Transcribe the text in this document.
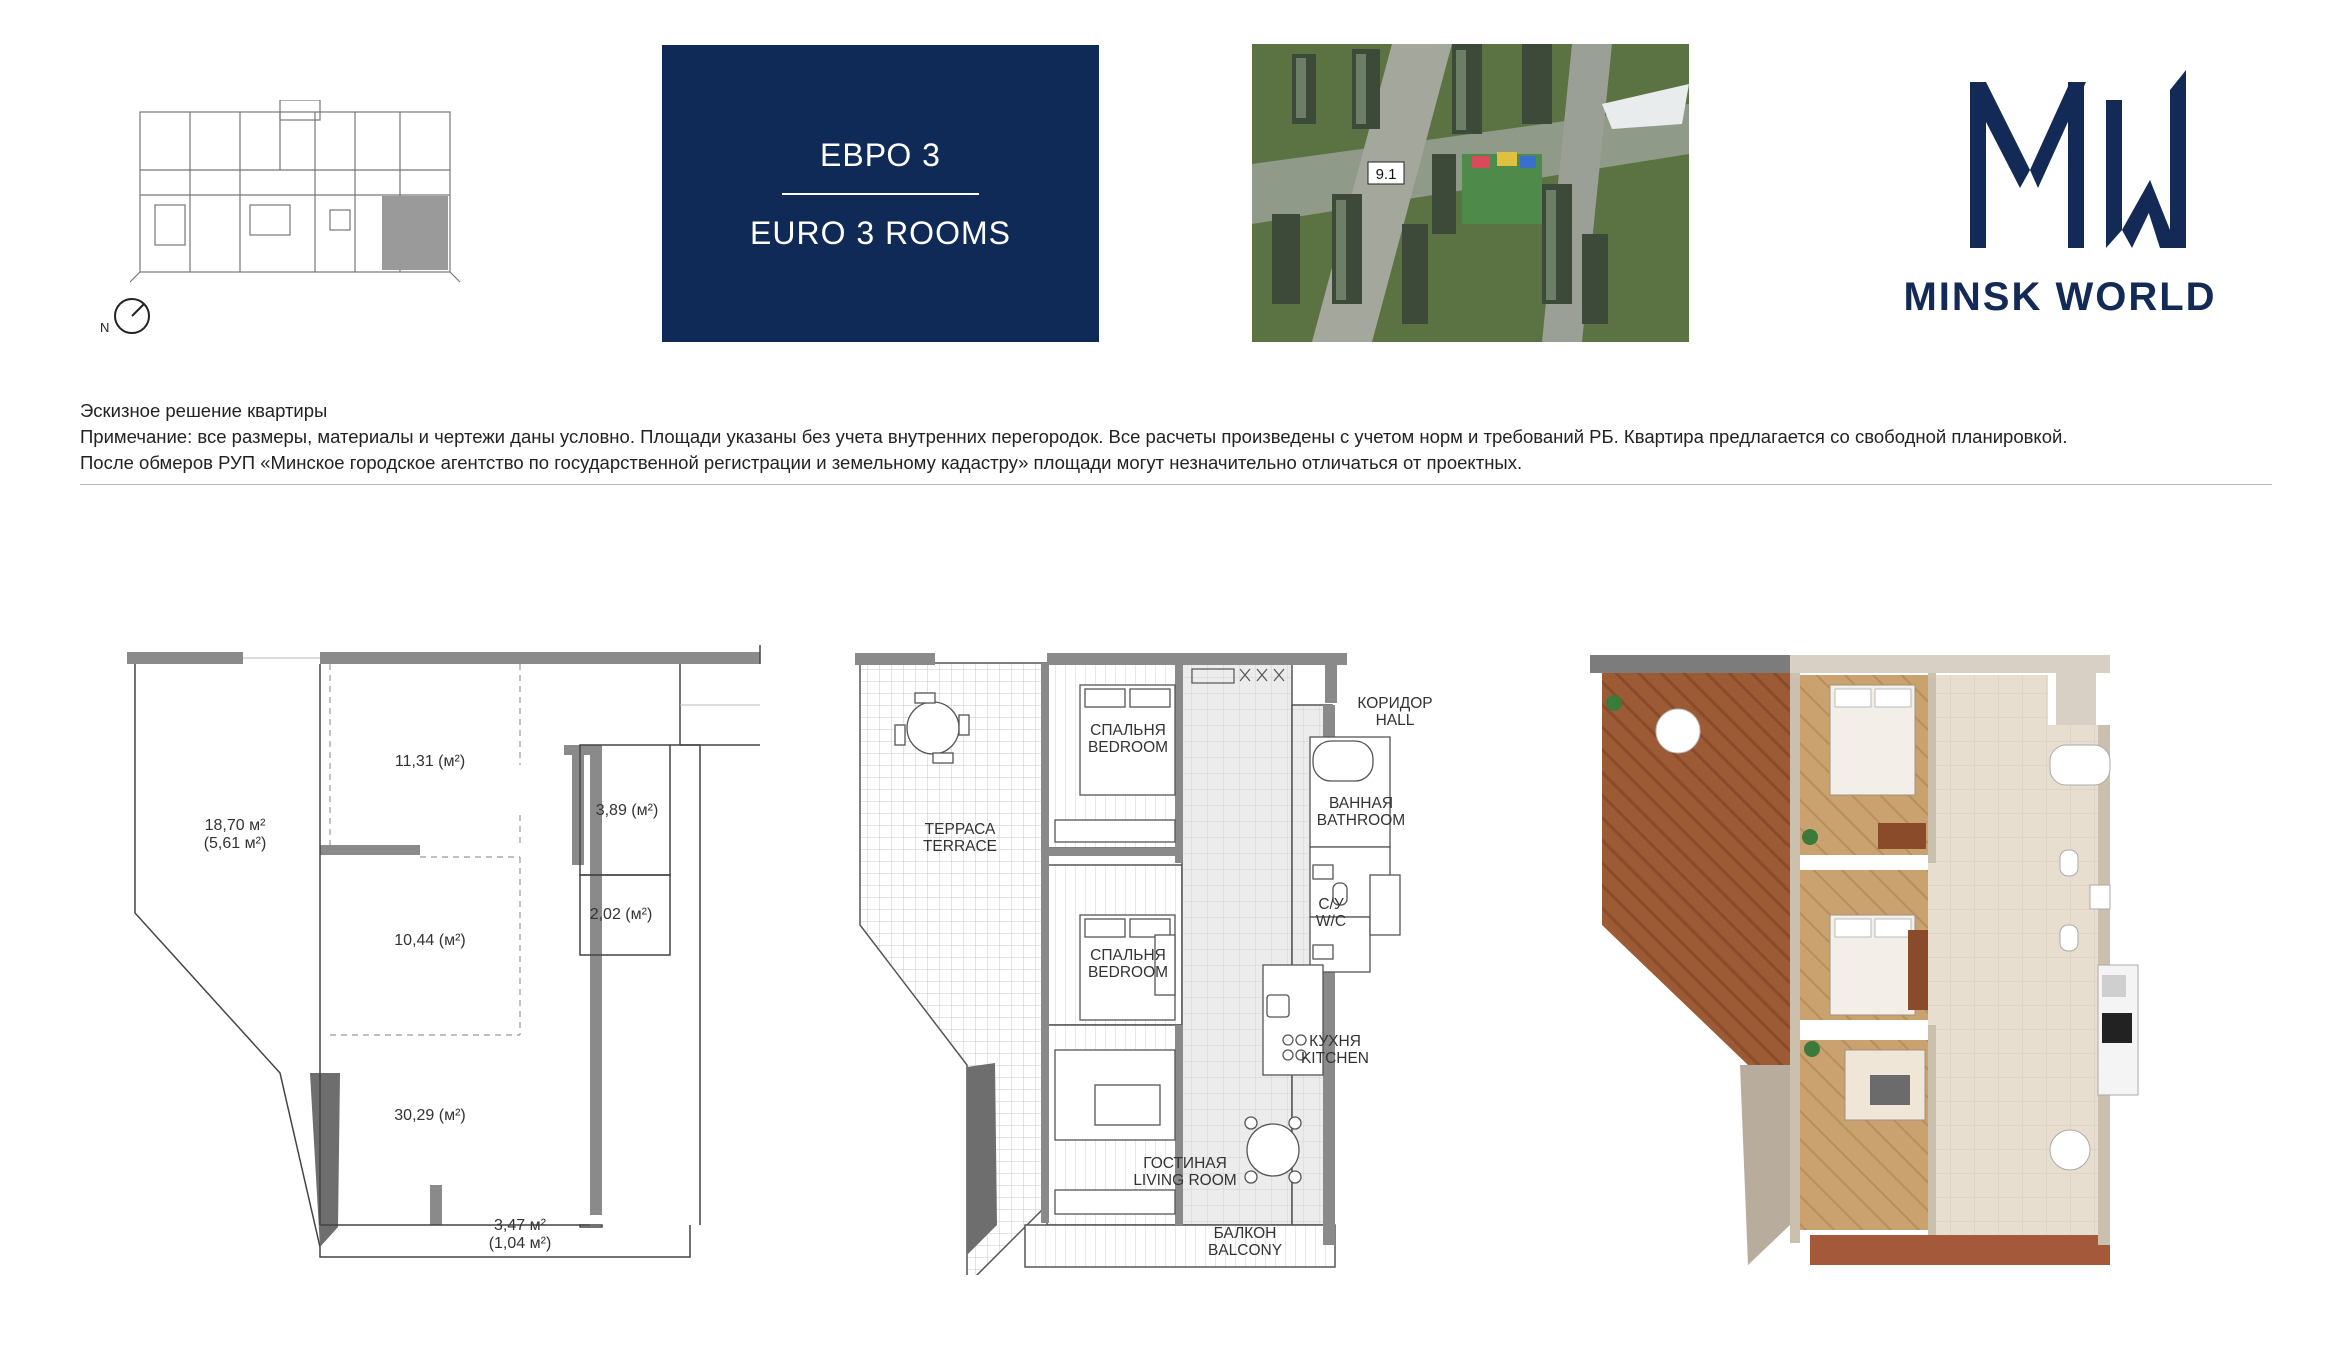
N
ЕВРО 3
EURO 3 ROOMS
9.1
MINSK WORLD
Эскизное решение квартиры
Примечание: все размеры, материалы и чертежи даны условно. Площади указаны без учета внутренних перегородок. Все расчеты произведены с учетом норм и требований РБ. Квартира предлагается со свободной планировкой.
После обмеров РУП «Минское городское агентство по государственной регистрации и земельному кадастру» площади могут незначительно отличаться от проектных.
18,70 м²
(5,61 м²)
11,31 (м²)
10,44 (м²)
30,29 (м²)
3,89 (м²)
2,02 (м²)
3,47 м²
(1,04 м²)
СПАЛЬНЯ
BEDROOM
СПАЛЬНЯ
BEDROOM
ТЕРРАСА
TERRACE
КОРИДОР
HALL
ВАННАЯ
BATHROOM
С/У
W/C
КУХНЯ
KITCHEN
ГОСТИНАЯ
LIVING ROOM
БАЛКОН
BALCONY
